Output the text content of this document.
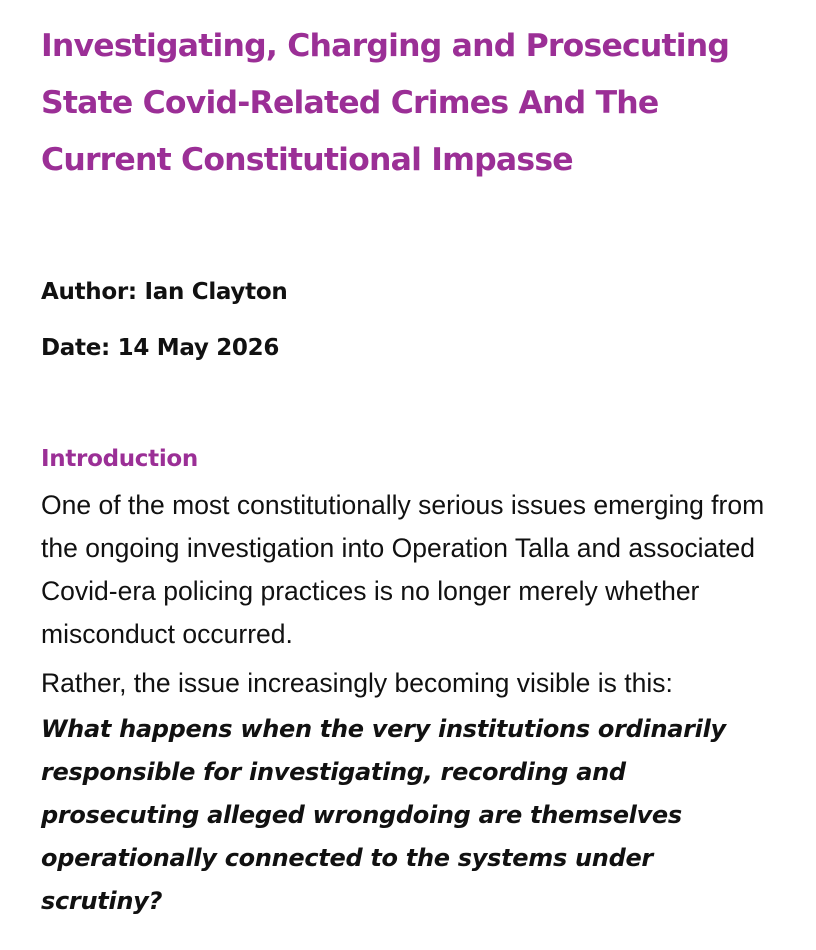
Investigating, Charging and Prosecuting State Covid-Related Crimes And The Current Constitutional Impasse

Author: Ian Clayton

Date: 14 May 2026

Introduction

One of the most constitutionally serious issues emerging from the ongoing investigation into Operation Talla and associated Covid-era policing practices is no longer merely whether misconduct occurred.

Rather, the issue increasingly becoming visible is this:

What happens when the very institutions ordinarily responsible for investigating, recording and prosecuting alleged wrongdoing are themselves operationally connected to the systems under scrutiny?
